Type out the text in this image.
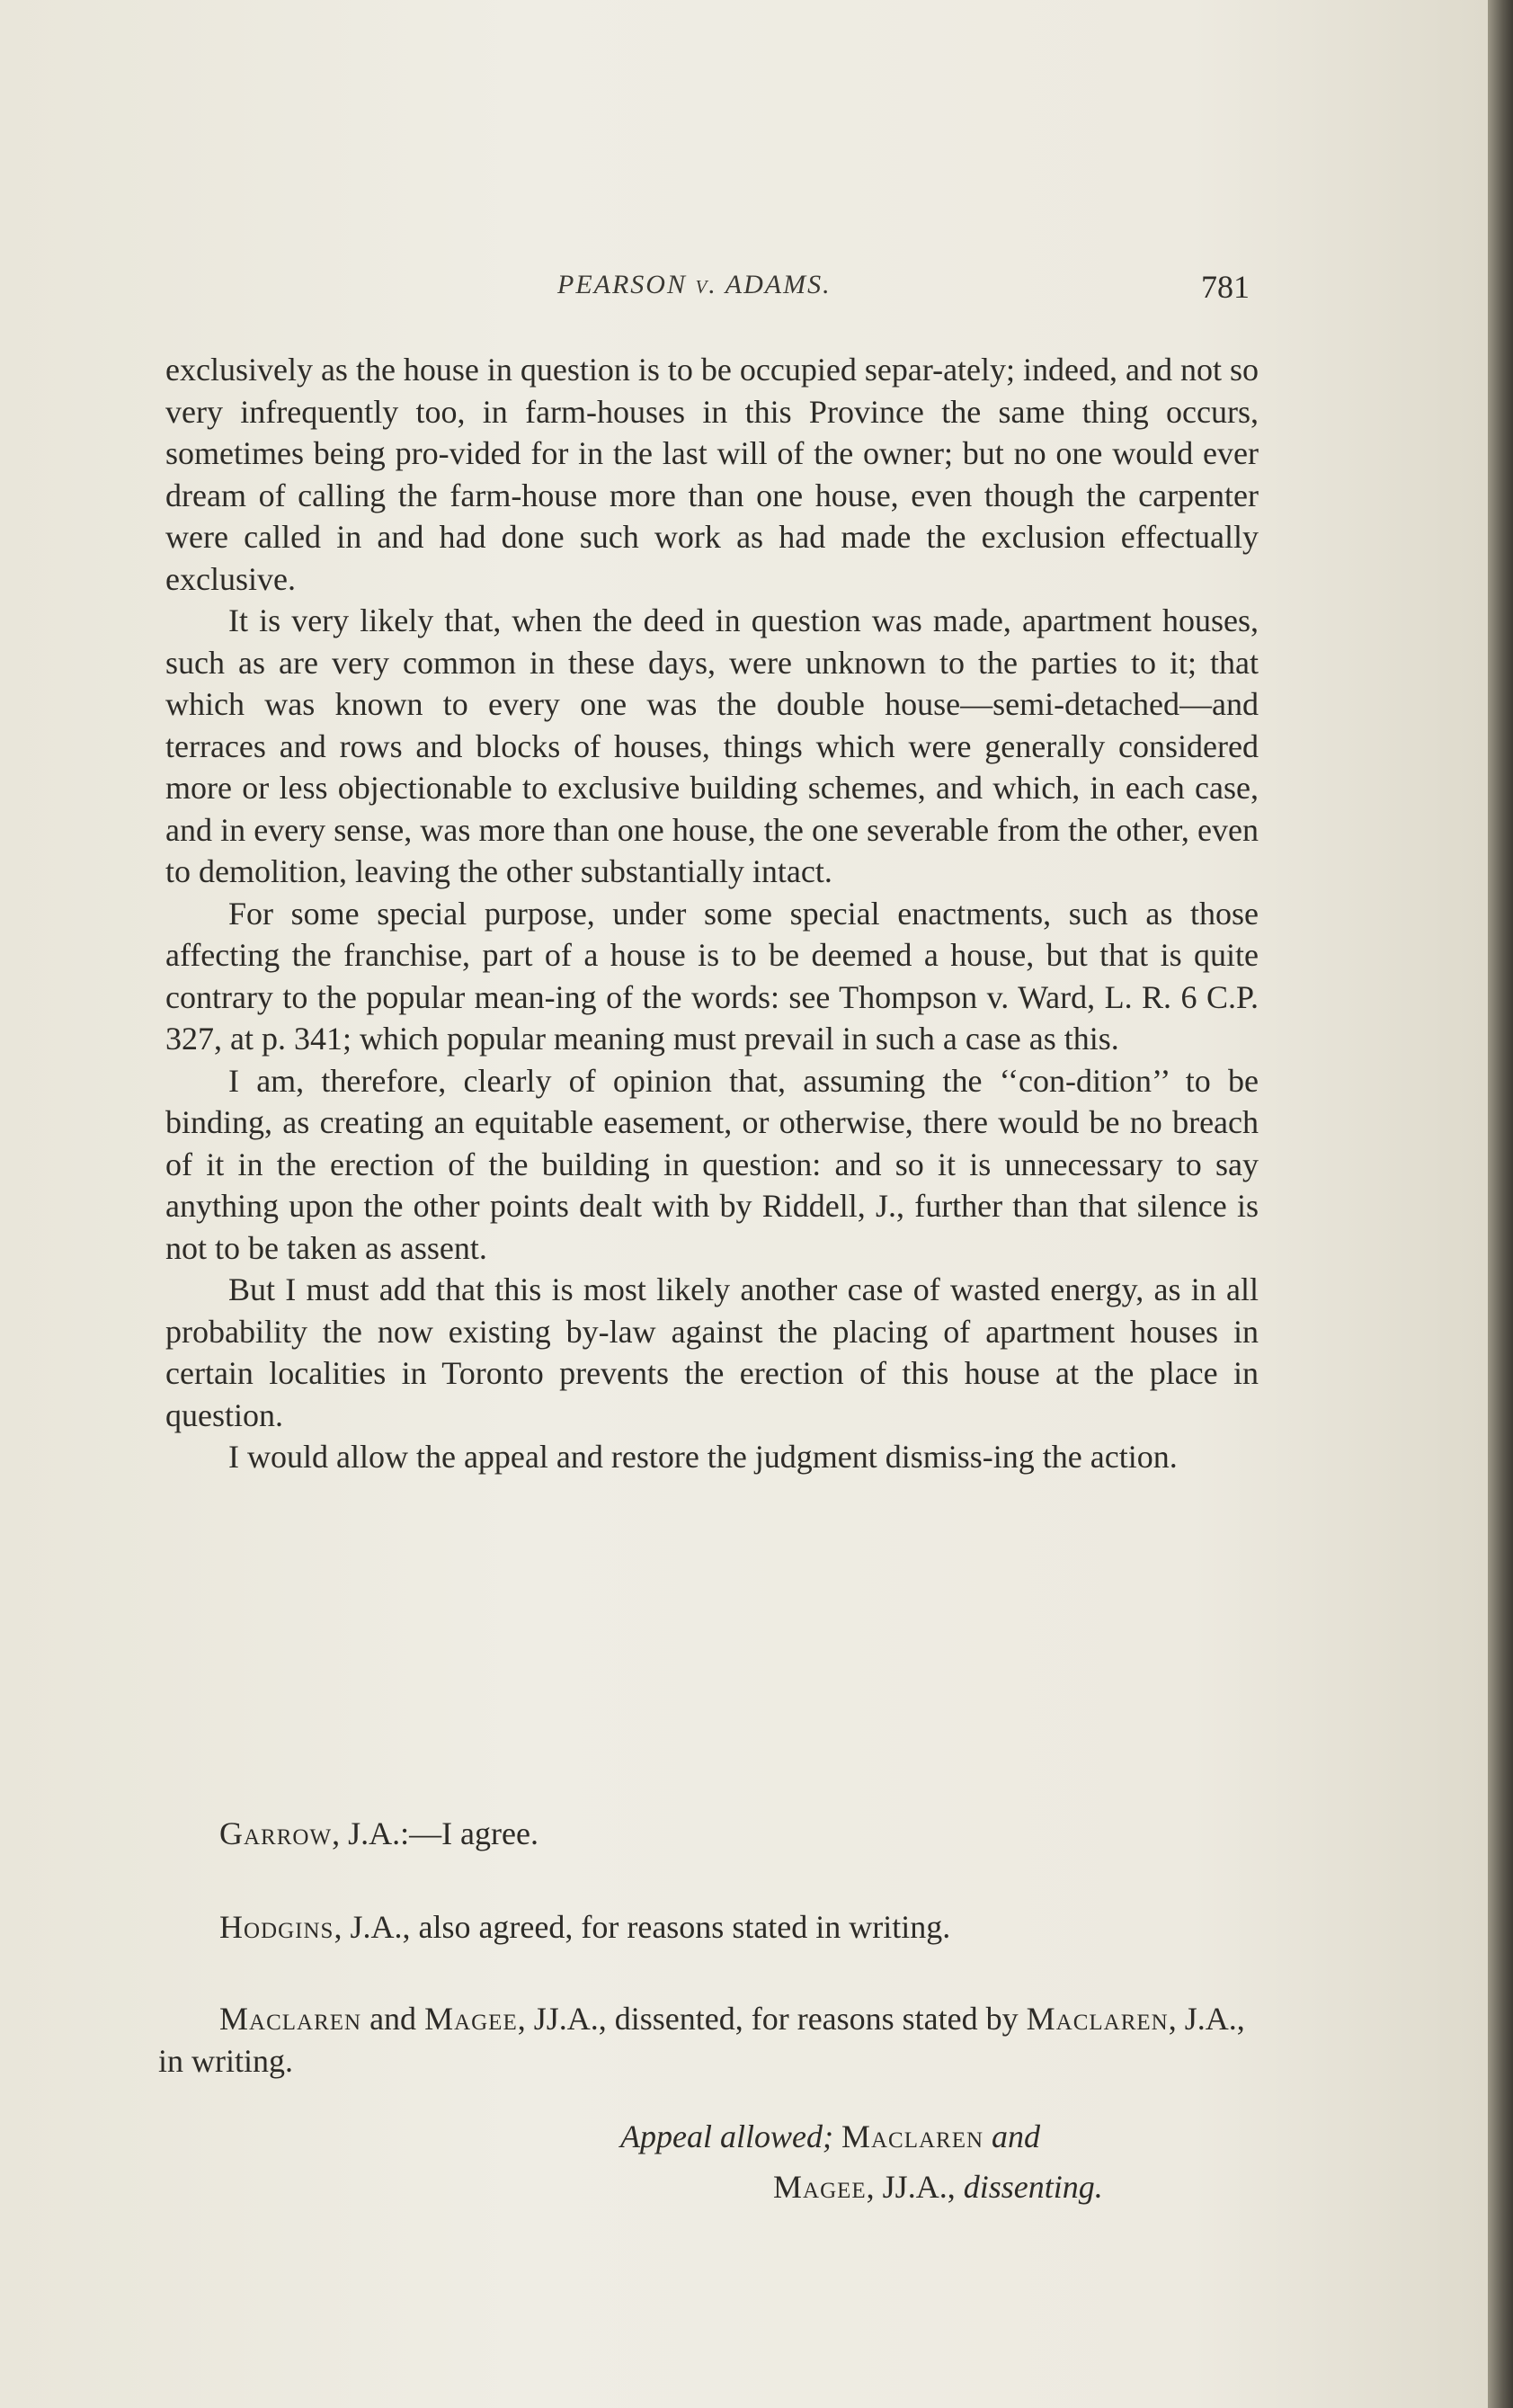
PEARSON v. ADAMS.	781

exclusively as the house in question is to be occupied separ-ately; indeed, and not so very infrequently too, in farm-houses in this Province the same thing occurs, sometimes being pro-vided for in the last will of the owner; but no one would ever dream of calling the farm-house more than one house, even though the carpenter were called in and had done such work as had made the exclusion effectually exclusive.

It is very likely that, when the deed in question was made, apartment houses, such as are very common in these days, were unknown to the parties to it; that which was known to every one was the double house—semi-detached—and terraces and rows and blocks of houses, things which were generally considered more or less objectionable to exclusive building schemes, and which, in each case, and in every sense, was more than one house, the one severable from the other, even to demolition, leaving the other substantially intact.

For some special purpose, under some special enactments, such as those affecting the franchise, part of a house is to be deemed a house, but that is quite contrary to the popular mean-ing of the words: see Thompson v. Ward, L. R. 6 C.P. 327, at p. 341; which popular meaning must prevail in such a case as this.

I am, therefore, clearly of opinion that, assuming the ‘‘con-dition’’ to be binding, as creating an equitable easement, or otherwise, there would be no breach of it in the erection of the building in question: and so it is unnecessary to say anything upon the other points dealt with by Riddell, J., further than that silence is not to be taken as assent.

But I must add that this is most likely another case of wasted energy, as in all probability the now existing by-law against the placing of apartment houses in certain localities in Toronto prevents the erection of this house at the place in question.

I would allow the appeal and restore the judgment dismiss-ing the action.

Garrow, J.A.:—I agree.

Hodgins, J.A., also agreed, for reasons stated in writing.

Maclaren and Magee, JJ.A., dissented, for reasons stated by Maclaren, J.A., in writing.

Appeal allowed; Maclaren and
Magee, JJ.A., dissenting.
